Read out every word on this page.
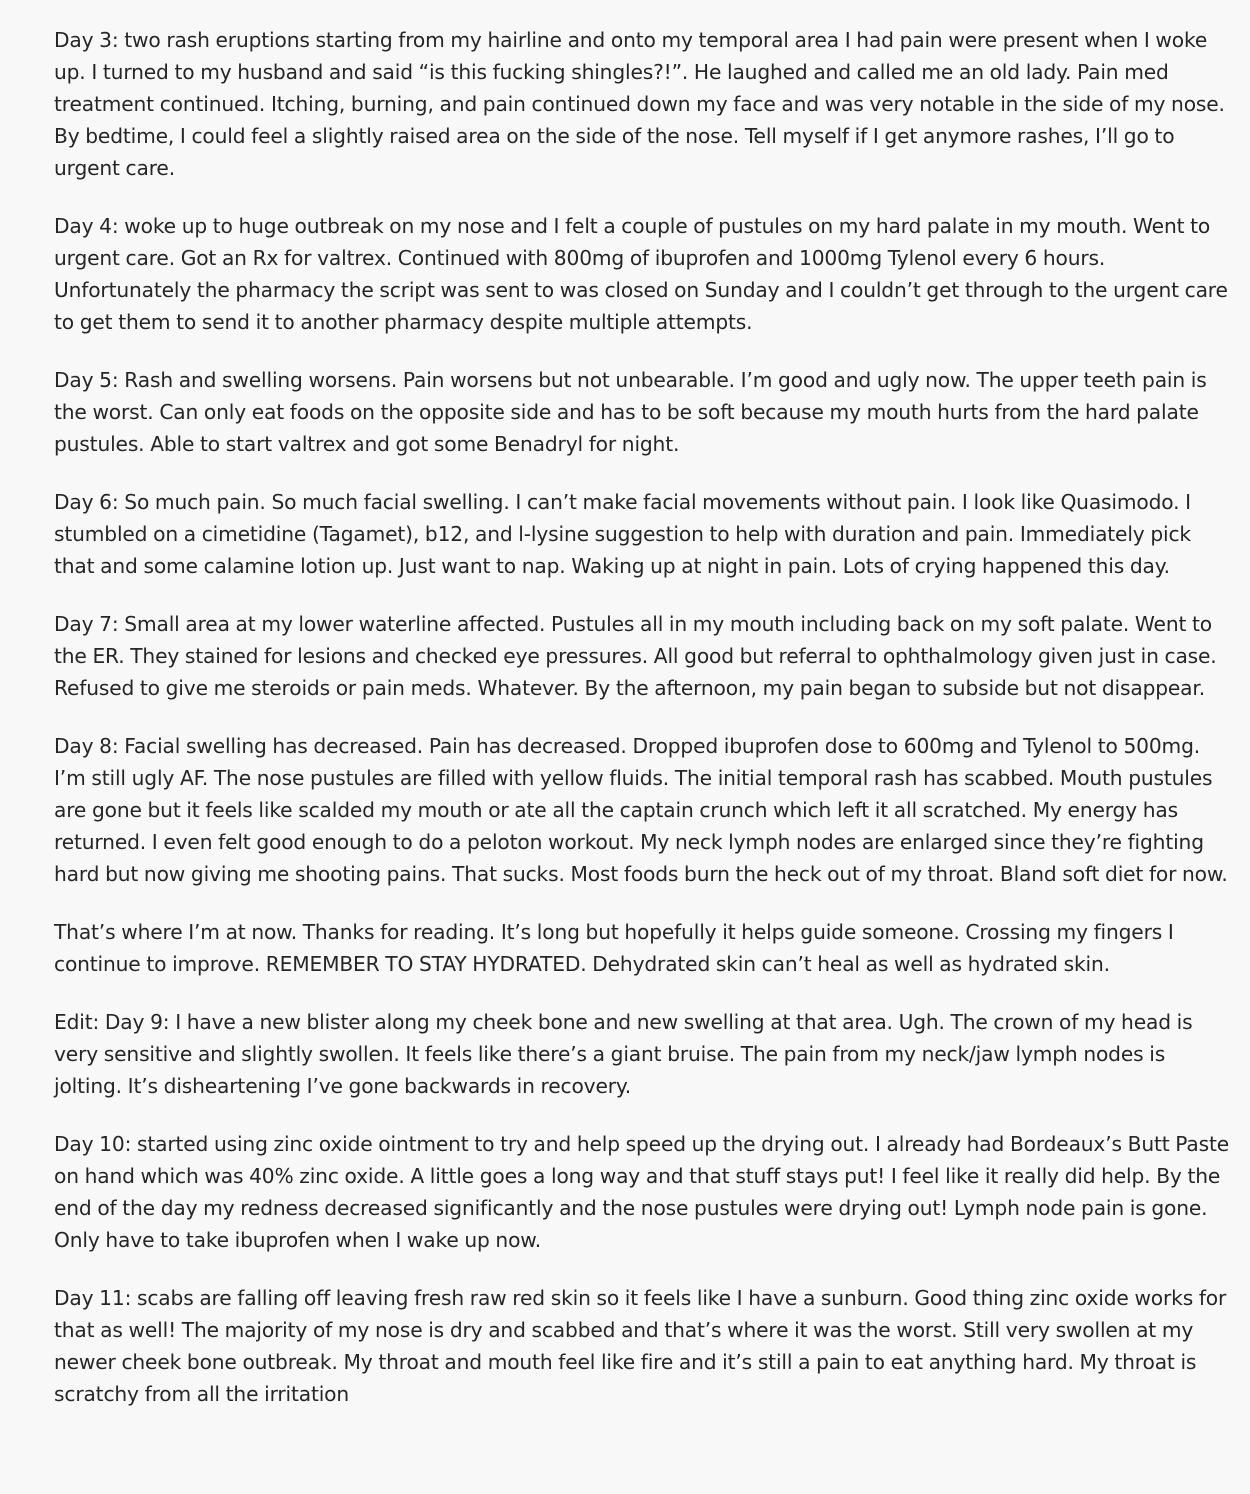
Day 3: two rash eruptions starting from my hairline and onto my temporal area I had pain were present when I woke up. I turned to my husband and said “is this fucking shingles?!”. He laughed and called me an old lady. Pain med treatment continued. Itching, burning, and pain continued down my face and was very notable in the side of my nose. By bedtime, I could feel a slightly raised area on the side of the nose. Tell myself if I get anymore rashes, I’ll go to urgent care.

Day 4: woke up to huge outbreak on my nose and I felt a couple of pustules on my hard palate in my mouth. Went to urgent care. Got an Rx for valtrex. Continued with 800mg of ibuprofen and 1000mg Tylenol every 6 hours. Unfortunately the pharmacy the script was sent to was closed on Sunday and I couldn’t get through to the urgent care to get them to send it to another pharmacy despite multiple attempts.

Day 5: Rash and swelling worsens. Pain worsens but not unbearable. I’m good and ugly now. The upper teeth pain is the worst. Can only eat foods on the opposite side and has to be soft because my mouth hurts from the hard palate pustules. Able to start valtrex and got some Benadryl for night.

Day 6: So much pain. So much facial swelling. I can’t make facial movements without pain. I look like Quasimodo. I stumbled on a cimetidine (Tagamet), b12, and l-lysine suggestion to help with duration and pain. Immediately pick that and some calamine lotion up. Just want to nap. Waking up at night in pain. Lots of crying happened this day.

Day 7: Small area at my lower waterline affected. Pustules all in my mouth including back on my soft palate. Went to the ER. They stained for lesions and checked eye pressures. All good but referral to ophthalmology given just in case. Refused to give me steroids or pain meds. Whatever. By the afternoon, my pain began to subside but not disappear.

Day 8: Facial swelling has decreased. Pain has decreased. Dropped ibuprofen dose to 600mg and Tylenol to 500mg. I’m still ugly AF. The nose pustules are filled with yellow fluids. The initial temporal rash has scabbed. Mouth pustules are gone but it feels like scalded my mouth or ate all the captain crunch which left it all scratched. My energy has returned. I even felt good enough to do a peloton workout. My neck lymph nodes are enlarged since they’re fighting hard but now giving me shooting pains. That sucks. Most foods burn the heck out of my throat. Bland soft diet for now.

That’s where I’m at now. Thanks for reading. It’s long but hopefully it helps guide someone. Crossing my fingers I continue to improve. REMEMBER TO STAY HYDRATED. Dehydrated skin can’t heal as well as hydrated skin.

Edit: Day 9: I have a new blister along my cheek bone and new swelling at that area. Ugh. The crown of my head is very sensitive and slightly swollen. It feels like there’s a giant bruise. The pain from my neck/jaw lymph nodes is jolting. It’s disheartening I’ve gone backwards in recovery.

Day 10: started using zinc oxide ointment to try and help speed up the drying out. I already had Bordeaux’s Butt Paste on hand which was 40% zinc oxide. A little goes a long way and that stuff stays put! I feel like it really did help. By the end of the day my redness decreased significantly and the nose pustules were drying out! Lymph node pain is gone. Only have to take ibuprofen when I wake up now.

Day 11: scabs are falling off leaving fresh raw red skin so it feels like I have a sunburn. Good thing zinc oxide works for that as well! The majority of my nose is dry and scabbed and that’s where it was the worst. Still very swollen at my newer cheek bone outbreak. My throat and mouth feel like fire and it’s still a pain to eat anything hard. My throat is scratchy from all the irritation
